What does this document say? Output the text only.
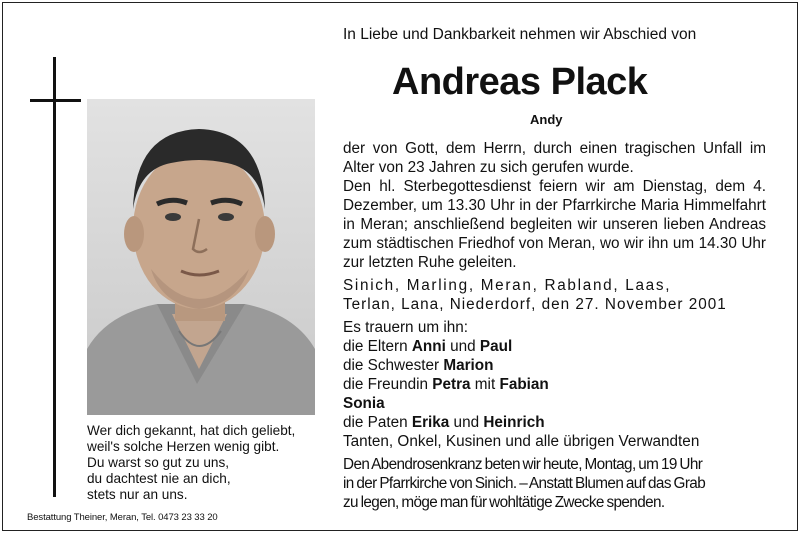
Wer dich gekannt, hat dich geliebt,
weil's solche Herzen wenig gibt.
Du warst so gut zu uns,
du dachtest nie an dich,
stets nur an uns.
Bestattung Theiner, Meran, Tel. 0473 23 33 20
In Liebe und Dankbarkeit nehmen wir Abschied von
Andreas Plack
Andy

der von Gott, dem Herrn, durch einen tragischen Unfall im Alter von 23 Jahren zu sich gerufen wurde.

Den hl. Sterbegottesdienst feiern wir am Dienstag, dem 4. Dezember, um 13.30 Uhr in der Pfarrkirche Maria Himmelfahrt in Meran; anschließend begleiten wir unseren lieben Andreas zum städtischen Friedhof von Meran, wo wir ihn um 14.30 Uhr zur letzten Ruhe geleiten.

Sinich, Marling, Meran, Rabland, Laas,
Terlan, Lana, Niederdorf, den 27. November 2001
Es trauern um ihn:
die Eltern Anni und Paul
die Schwester Marion
die Freundin Petra mit Fabian
Sonia
die Paten Erika und Heinrich
Tanten, Onkel, Kusinen und alle übrigen Verwandten
Den Abendrosenkranz beten wir heute, Montag, um 19 Uhr
in der Pfarrkirche von Sinich. – Anstatt Blumen auf das Grab
zu legen, möge man für wohltätige Zwecke spenden.
